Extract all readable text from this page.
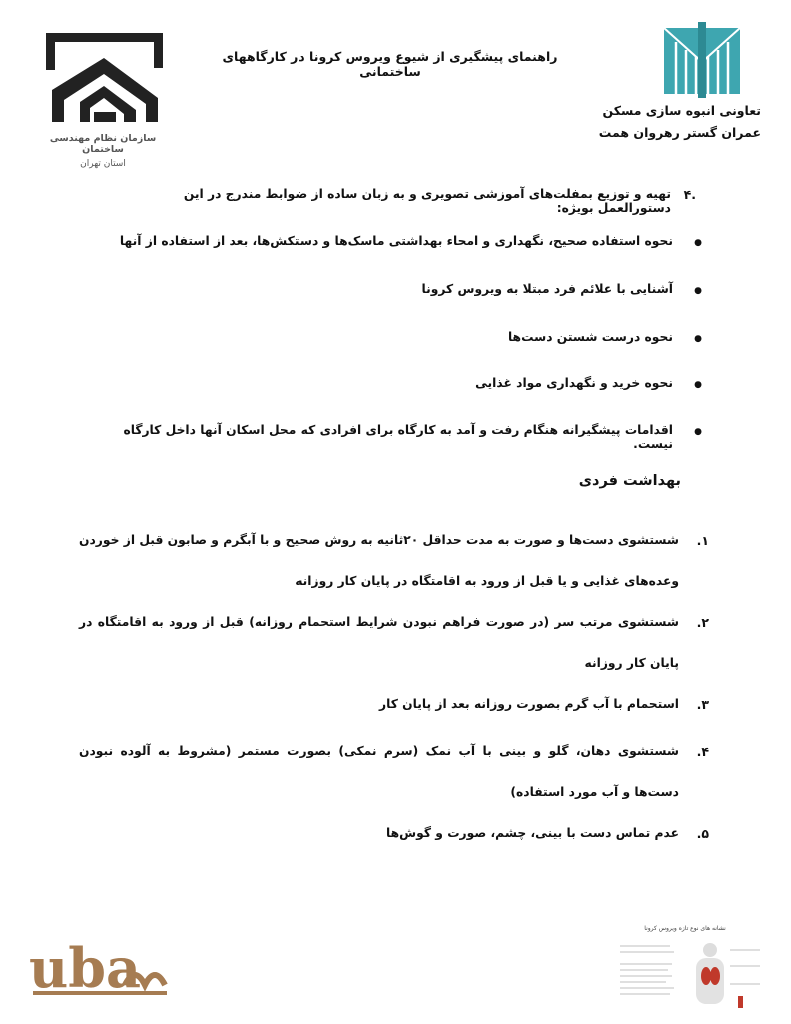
سازمان نظام مهندسی ساختمان
استان تهران
راهنمای پیشگیری از شیوع ویروس کرونا در کارگاههای ساختمانی
تعاونی انبوه سازی مسکن
عمران گستر رهروان همت
۴.
تهیه و توزیع بمفلت‌های آموزشی تصویری و به زبان ساده از ضوابط مندرج در این دستورالعمل بویژه:
● نحوه استفاده صحیح، نگهداری و امحاء بهداشتی ماسک‌ها و دستکش‌ها، بعد از استفاده از آنها
● آشنایی با علائم فرد مبتلا به ویروس کرونا
● نحوه درست شستن دست‌ها
● نحوه خرید و نگهداری مواد غذایی
● اقدامات پیشگیرانه هنگام رفت و آمد به کارگاه برای افرادی که محل اسکان آنها داخل کارگاه نیست.
بهداشت فردی
۱.
شستشوی دست‌ها و صورت به مدت حداقل ۲۰ثانیه به روش صحیح و با آبگرم و صابون قبل از خوردن وعده‌های غذایی و یا قبل از ورود به اقامتگاه در پایان کار روزانه
۲.
شستشوی مرتب سر (در صورت فراهم نبودن شرایط استحمام روزانه) قبل از ورود به اقامتگاه در پایان کار روزانه
۳.
استحمام با آب گرم بصورت روزانه بعد از پایان کار
۴.
شستشوی دهان، گلو و بینی با آب نمک (سرم نمکی) بصورت مستمر (مشروط به آلوده نبودن دست‌ها و آب مورد استفاده)
۵.
عدم تماس دست با بینی، چشم، صورت و گوش‌ها
uba
نشانه های نوع تازه ویروس کرونا
